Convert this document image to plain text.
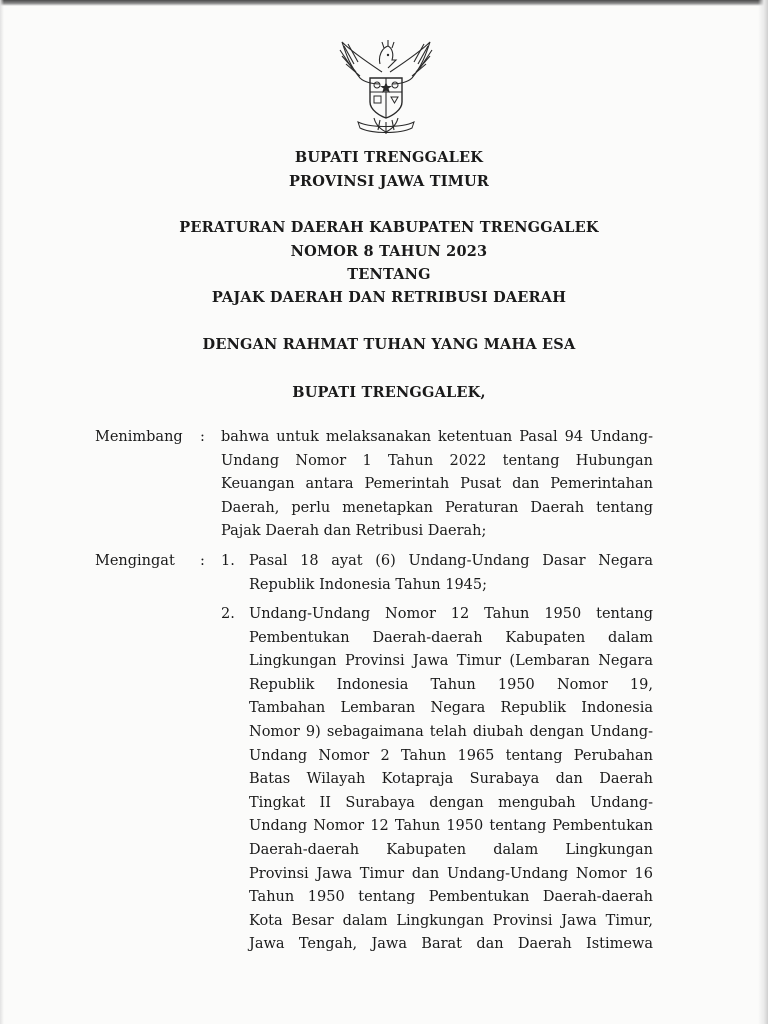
BUPATI TRENGGALEK
PROVINSI JAWA TIMUR
PERATURAN DAERAH KABUPATEN TRENGGALEK
NOMOR 8 TAHUN 2023
TENTANG
PAJAK DAERAH DAN RETRIBUSI DAERAH
DENGAN RAHMAT TUHAN YANG MAHA ESA
BUPATI TRENGGALEK,
Menimbang : bahwa untuk melaksanakan ketentuan Pasal 94 Undang-
Undang Nomor 1 Tahun 2022 tentang Hubungan
Keuangan antara Pemerintah Pusat dan Pemerintahan
Daerah, perlu menetapkan Peraturan Daerah tentang
Pajak Daerah dan Retribusi Daerah;
Mengingat : 1. Pasal 18 ayat (6) Undang-Undang Dasar Negara
Republik Indonesia Tahun 1945;
2. Undang-Undang Nomor 12 Tahun 1950 tentang
Pembentukan Daerah-daerah Kabupaten dalam
Lingkungan Provinsi Jawa Timur (Lembaran Negara
Republik Indonesia Tahun 1950 Nomor 19,
Tambahan Lembaran Negara Republik Indonesia
Nomor 9) sebagaimana telah diubah dengan Undang-
Undang Nomor 2 Tahun 1965 tentang Perubahan
Batas Wilayah Kotapraja Surabaya dan Daerah
Tingkat II Surabaya dengan mengubah Undang-
Undang Nomor 12 Tahun 1950 tentang Pembentukan
Daerah-daerah Kabupaten dalam Lingkungan
Provinsi Jawa Timur dan Undang-Undang Nomor 16
Tahun 1950 tentang Pembentukan Daerah-daerah
Kota Besar dalam Lingkungan Provinsi Jawa Timur,
Jawa Tengah, Jawa Barat dan Daerah Istimewa
